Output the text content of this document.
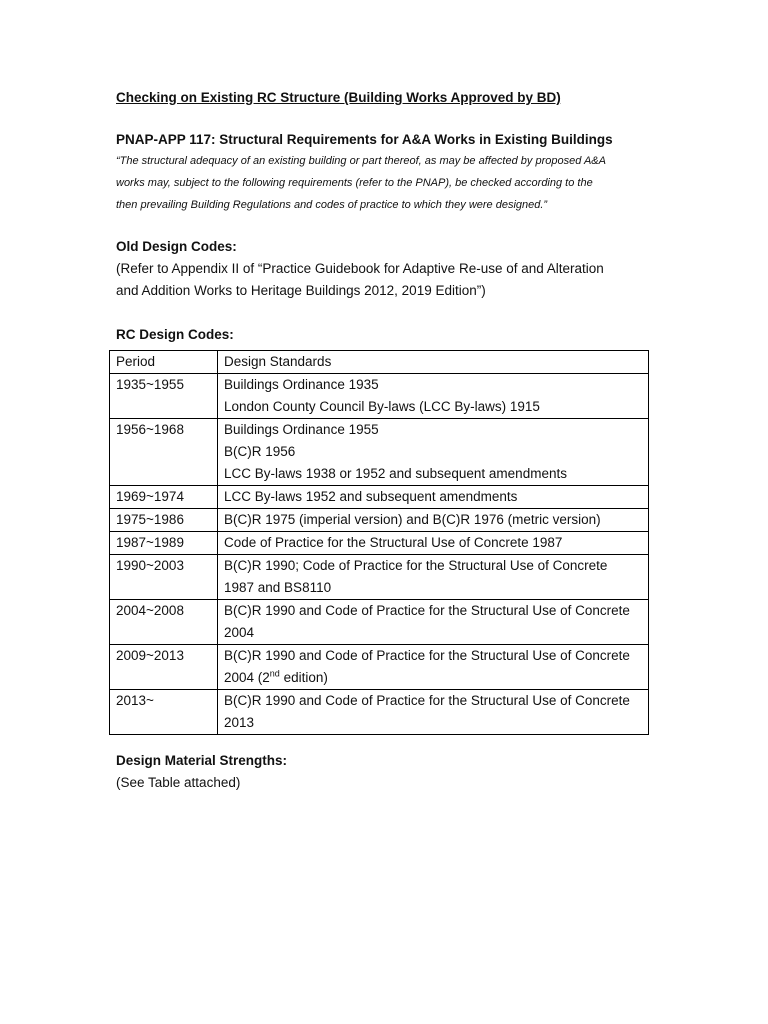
Checking on Existing RC Structure (Building Works Approved by BD)

PNAP-APP 117: Structural Requirements for A&A Works in Existing Buildings

“The structural adequacy of an existing building or part thereof, as may be affected by proposed A&A
works may, subject to the following requirements (refer to the PNAP), be checked according to the
then prevailing Building Regulations and codes of practice to which they were designed.”

Old Design Codes:

(Refer to Appendix II of “Practice Guidebook for Adaptive Re-use of and Alteration
and Addition Works to Heritage Buildings 2012, 2019 Edition”)

RC Design Codes:

Period	Design Standards
1935~1955	Buildings Ordinance 1935
London County Council By-laws (LCC By-laws) 1915

1956~1968	Buildings Ordinance 1955
B(C)R 1956
LCC By-laws 1938 or 1952 and subsequent amendments

1969~1974	LCC By-laws 1952 and subsequent amendments

1975~1986	B(C)R 1975 (imperial version) and B(C)R 1976 (metric version)

1987~1989	Code of Practice for the Structural Use of Concrete 1987

1990~2003	B(C)R 1990; Code of Practice for the Structural Use of Concrete
1987 and BS8110

2004~2008	B(C)R 1990 and Code of Practice for the Structural Use of Concrete
2004

2009~2013	B(C)R 1990 and Code of Practice for the Structural Use of Concrete
2004 (2nd edition)

2013~	B(C)R 1990 and Code of Practice for the Structural Use of Concrete
2013

Design Material Strengths:

(See Table attached)
